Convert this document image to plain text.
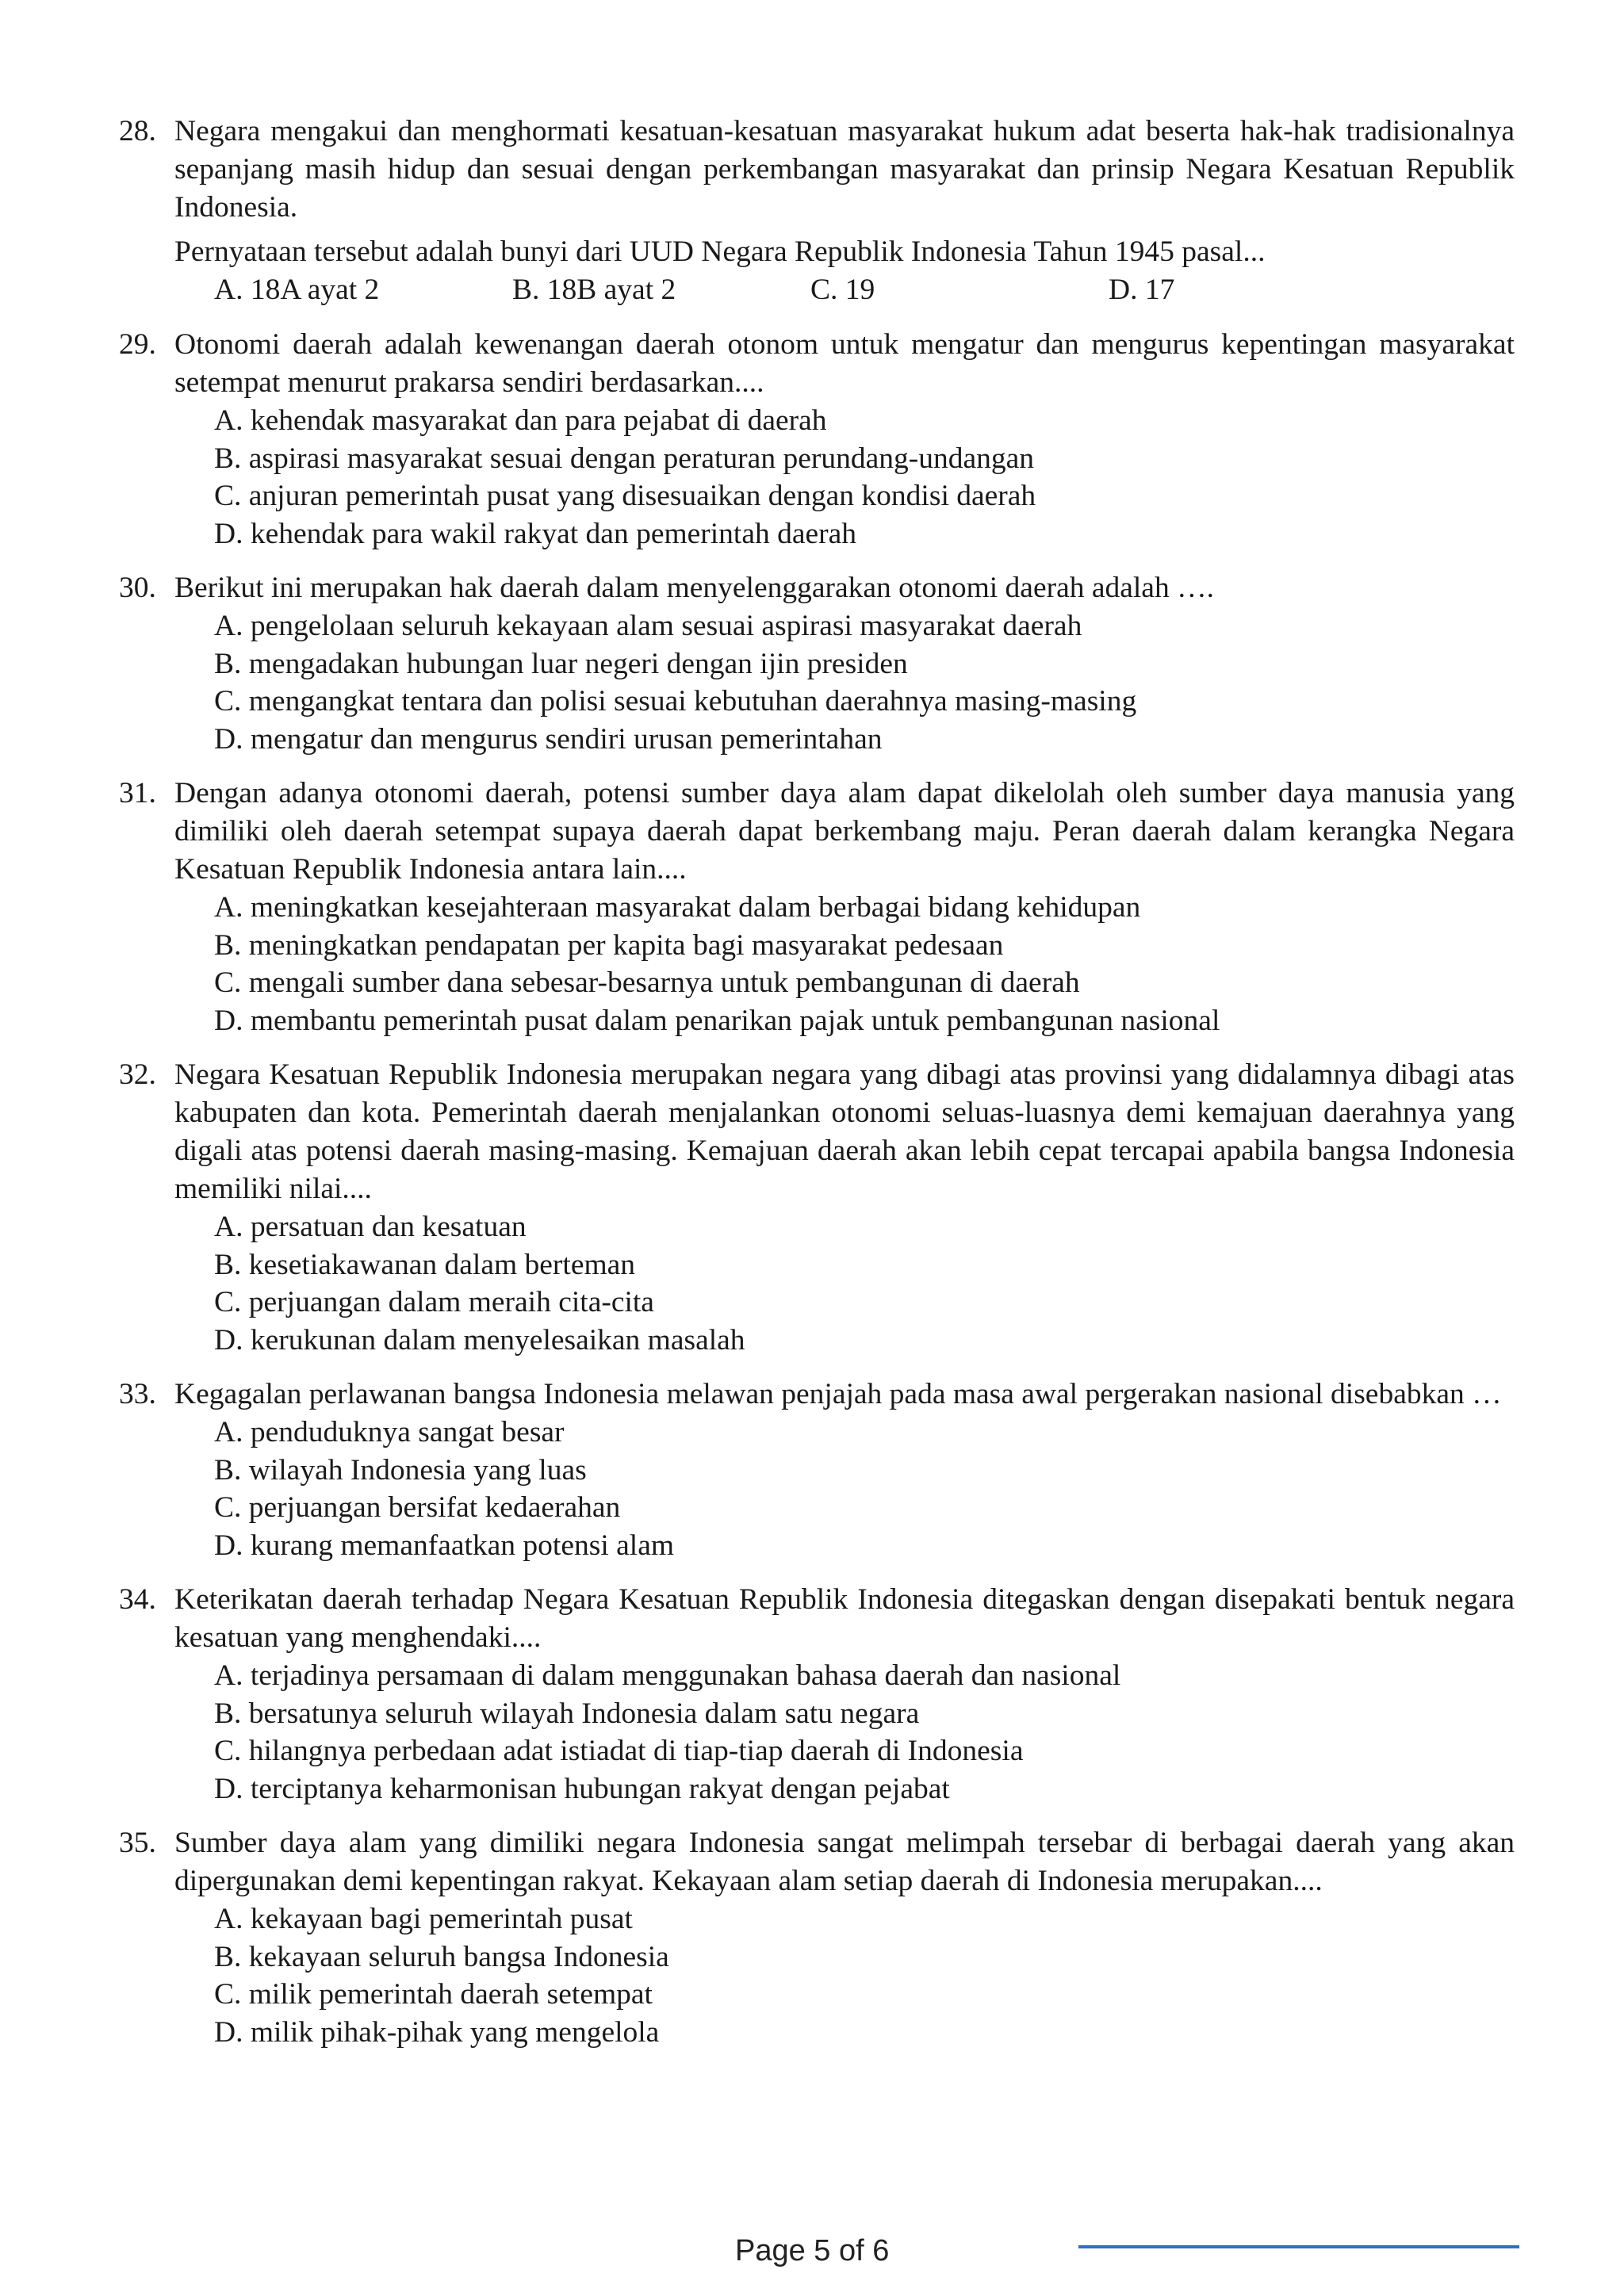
28. Negara mengakui dan menghormati kesatuan-kesatuan masyarakat hukum adat beserta hak-hak tradisionalnya sepanjang masih hidup dan sesuai dengan perkembangan masyarakat dan prinsip Negara Kesatuan Republik Indonesia.
Pernyataan tersebut adalah bunyi dari UUD Negara Republik Indonesia Tahun 1945 pasal...
A. 18A ayat 2	B. 18B ayat 2	C. 19	D. 17
29. Otonomi daerah adalah kewenangan daerah otonom untuk mengatur dan mengurus kepentingan masyarakat setempat menurut prakarsa sendiri berdasarkan....
A. kehendak masyarakat dan para pejabat di daerah
B. aspirasi masyarakat sesuai dengan peraturan perundang-undangan
C. anjuran pemerintah pusat yang disesuaikan dengan kondisi daerah
D. kehendak para wakil rakyat dan pemerintah daerah
30. Berikut ini merupakan hak daerah dalam menyelenggarakan otonomi daerah adalah ….
A. pengelolaan seluruh kekayaan alam sesuai aspirasi masyarakat daerah
B. mengadakan hubungan luar negeri dengan ijin presiden
C. mengangkat tentara dan polisi sesuai kebutuhan daerahnya masing-masing
D. mengatur dan mengurus sendiri urusan pemerintahan
31. Dengan adanya otonomi daerah, potensi sumber daya alam dapat dikelolah oleh sumber daya manusia yang dimiliki oleh daerah setempat supaya daerah dapat berkembang maju. Peran daerah dalam kerangka Negara Kesatuan Republik Indonesia antara lain....
A. meningkatkan kesejahteraan masyarakat dalam berbagai bidang kehidupan
B. meningkatkan pendapatan per kapita bagi masyarakat pedesaan
C. mengali sumber dana sebesar-besarnya untuk pembangunan di daerah
D. membantu pemerintah pusat dalam penarikan pajak untuk pembangunan nasional
32. Negara Kesatuan Republik Indonesia merupakan negara yang dibagi atas provinsi yang didalamnya dibagi atas kabupaten dan kota. Pemerintah daerah menjalankan otonomi seluas-luasnya demi kemajuan daerahnya yang digali atas potensi daerah masing-masing. Kemajuan daerah akan lebih cepat tercapai apabila bangsa Indonesia memiliki nilai....
A. persatuan dan kesatuan
B. kesetiakawanan dalam berteman
C. perjuangan dalam meraih cita-cita
D. kerukunan dalam menyelesaikan masalah
33. Kegagalan perlawanan bangsa Indonesia melawan penjajah pada masa awal pergerakan nasional disebabkan …
A. penduduknya sangat besar
B. wilayah Indonesia yang luas
C. perjuangan bersifat kedaerahan
D. kurang memanfaatkan potensi alam
34. Keterikatan daerah terhadap Negara Kesatuan Republik Indonesia ditegaskan dengan disepakati bentuk negara kesatuan yang menghendaki....
A. terjadinya persamaan di dalam menggunakan bahasa daerah dan nasional
B. bersatunya seluruh wilayah Indonesia dalam satu negara
C. hilangnya perbedaan adat istiadat di tiap-tiap daerah di Indonesia
D. terciptanya keharmonisan hubungan rakyat dengan pejabat
35. Sumber daya alam yang dimiliki negara Indonesia sangat melimpah tersebar di berbagai daerah yang akan dipergunakan demi kepentingan rakyat. Kekayaan alam setiap daerah di Indonesia merupakan....
A. kekayaan bagi pemerintah pusat
B. kekayaan seluruh bangsa Indonesia
C. milik pemerintah daerah setempat
D. milik pihak-pihak yang mengelola
Page 5 of 6
